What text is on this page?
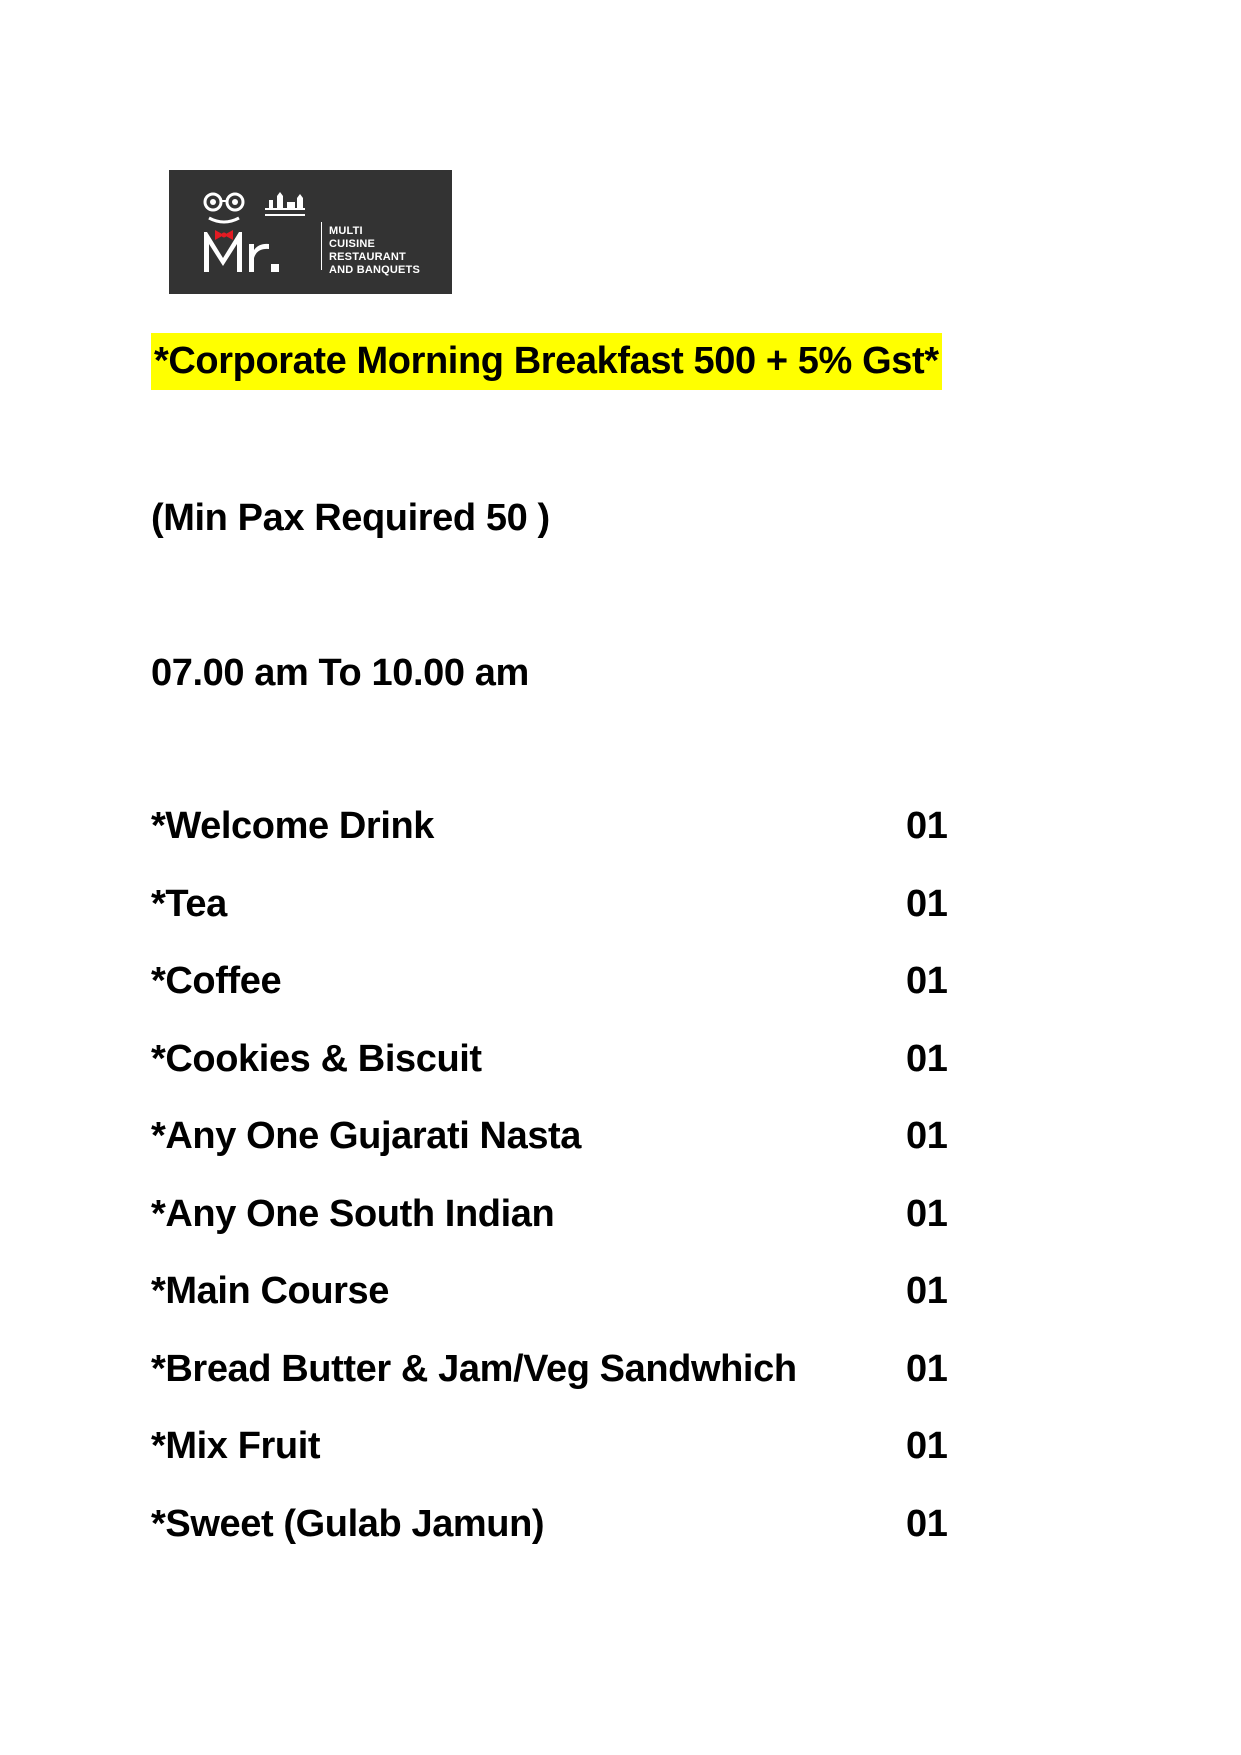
MULTI
CUISINE
RESTAURANT
AND BANQUETS
*Corporate Morning Breakfast 500 + 5% Gst*
(Min Pax Required 50 )
07.00 am To 10.00 am
*Welcome Drink	01
*Tea	01
*Coffee	01
*Cookies & Biscuit	01
*Any One Gujarati Nasta	01
*Any One South Indian	01
*Main Course	01
*Bread Butter & Jam/Veg Sandwhich	01
*Mix Fruit	01
*Sweet (Gulab Jamun)	01
